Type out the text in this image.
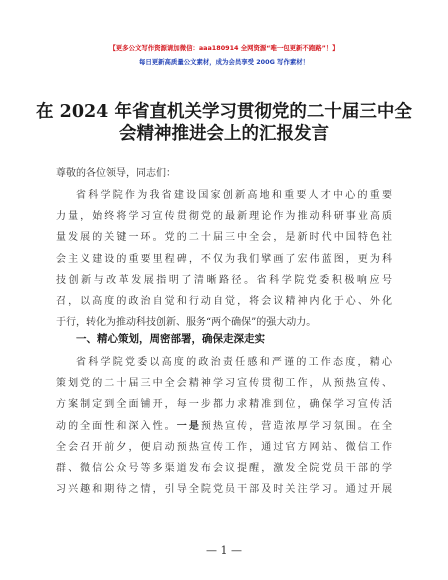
【更多公文写作资源请加微信：aaa180914 全网资源“唯一包更新不跑路”！】
每日更新高质量公文素材，成为会员享受 200G 写作素材！
在 2024 年省直机关学习贯彻党的二十届三中全
会精神推进会上的汇报发言
尊敬的各位领导，同志们：
省科学院作为我省建设国家创新高地和重要人才中心的重要
力量，始终将学习宣传贯彻党的最新理论作为推动科研事业高质
量发展的关键一环。党的二十届三中全会，是新时代中国特色社
会主义建设的重要里程碑，不仅为我们擘画了宏伟蓝图，更为科
技创新与改革发展指明了清晰路径。省科学院党委积极响应号
召，以高度的政治自觉和行动自觉，将会议精神内化于心、外化
于行，转化为推动科技创新、服务“两个确保”的强大动力。
一、精心策划，周密部署，确保走深走实
省科学院党委以高度的政治责任感和严谨的工作态度，精心
策划党的二十届三中全会精神学习宣传贯彻工作，从预热宣传、
方案制定到全面铺开，每一步都力求精准到位，确保学习宣传活
动的全面性和深入性。一是预热宣传，营造浓厚学习氛围。在全
全会召开前夕，便启动预热宣传工作，通过官方网站、微信工作
群、微信公众号等多渠道发布会议提醒，激发全院党员干部的学
习兴趣和期待之情，引导全院党员干部及时关注学习。通过开展
— 1 —
